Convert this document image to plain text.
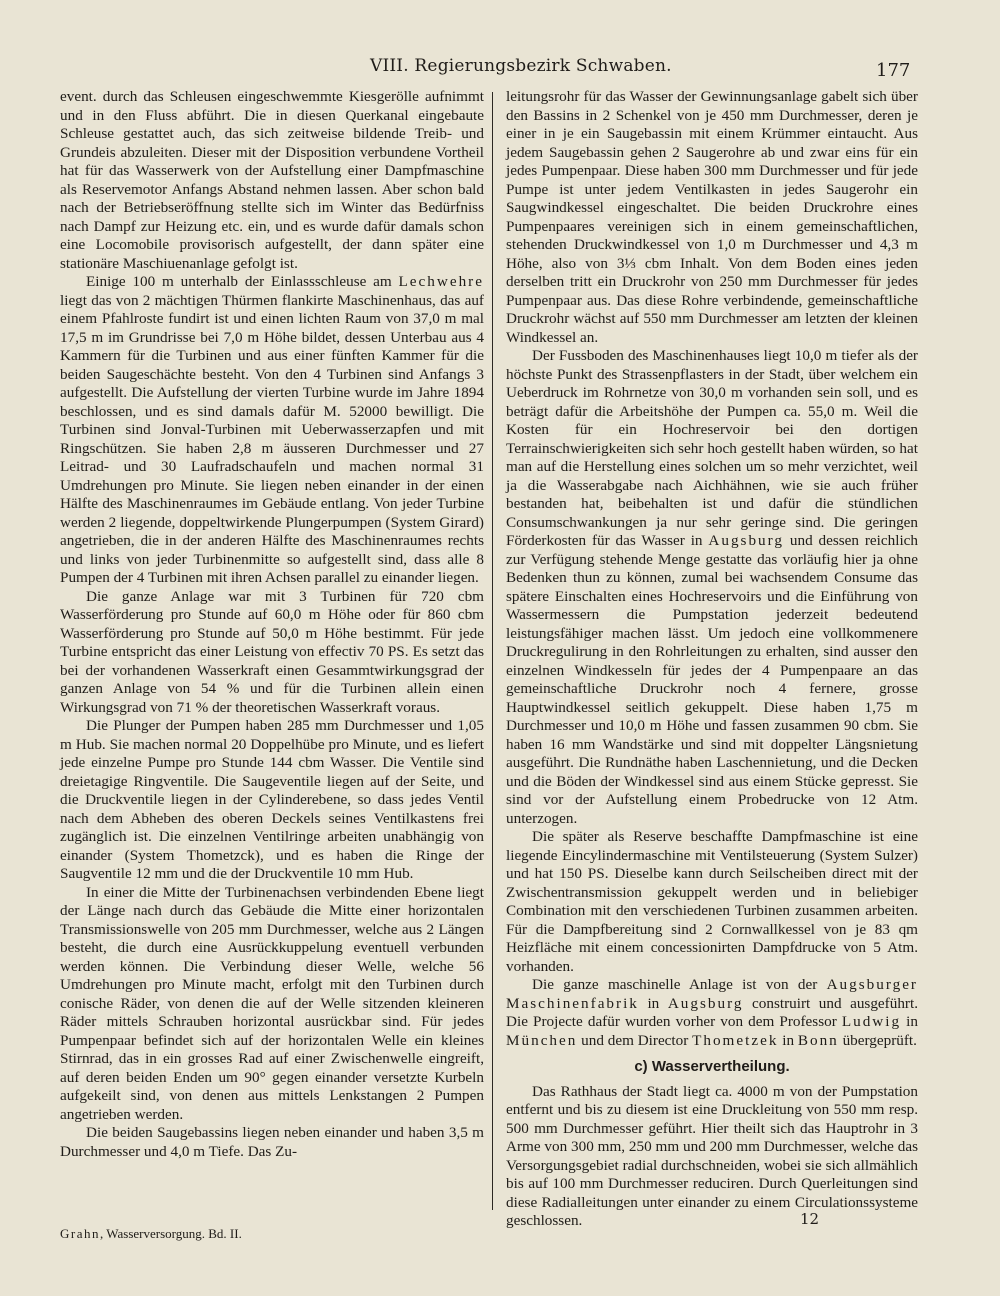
VIII. Regierungsbezirk Schwaben.	177

event. durch das Schleusen eingeschwemmte Kiesgerölle aufnimmt und in den Fluss abführt. Die in diesen Querkanal eingebaute Schleuse gestattet auch, das sich zeitweise bildende Treib- und Grundeis abzuleiten. Dieser mit der Disposition verbundene Vortheil hat für das Wasserwerk von der Aufstellung einer Dampfmaschine als Reservemotor Anfangs Abstand nehmen lassen. Aber schon bald nach der Betriebseröffnung stellte sich im Winter das Bedürfniss nach Dampf zur Heizung etc. ein, und es wurde dafür damals schon eine Locomobile provisorisch aufgestellt, der dann später eine stationäre Maschiuenanlage gefolgt ist.

Einige 100 m unterhalb der Einlassschleuse am Lechwehre liegt das von 2 mächtigen Thürmen flankirte Maschinenhaus, das auf einem Pfahlroste fundirt ist und einen lichten Raum von 37,0 m mal 17,5 m im Grundrisse bei 7,0 m Höhe bildet, dessen Unterbau aus 4 Kammern für die Turbinen und aus einer fünften Kammer für die beiden Saugeschächte besteht. Von den 4 Turbinen sind Anfangs 3 aufgestellt. Die Aufstellung der vierten Turbine wurde im Jahre 1894 beschlossen, und es sind damals dafür M. 52000 bewilligt. Die Turbinen sind Jonval-Turbinen mit Ueberwasserzapfen und mit Ringschützen. Sie haben 2,8 m äusseren Durchmesser und 27 Leitrad- und 30 Laufradschaufeln und machen normal 31 Umdrehungen pro Minute. Sie liegen neben einander in der einen Hälfte des Maschinenraumes im Gebäude entlang. Von jeder Turbine werden 2 liegende, doppeltwirkende Plungerpumpen (System Girard) angetrieben, die in der anderen Hälfte des Maschinenraumes rechts und links von jeder Turbinenmitte so aufgestellt sind, dass alle 8 Pumpen der 4 Turbinen mit ihren Achsen parallel zu einander liegen.

Die ganze Anlage war mit 3 Turbinen für 720 cbm Wasserförderung pro Stunde auf 60,0 m Höhe oder für 860 cbm Wasserförderung pro Stunde auf 50,0 m Höhe bestimmt. Für jede Turbine entspricht das einer Leistung von effectiv 70 PS. Es setzt das bei der vorhandenen Wasserkraft einen Gesammtwirkungsgrad der ganzen Anlage von 54 % und für die Turbinen allein einen Wirkungsgrad von 71 % der theoretischen Wasserkraft voraus.

Die Plunger der Pumpen haben 285 mm Durchmesser und 1,05 m Hub. Sie machen normal 20 Doppelhübe pro Minute, und es liefert jede einzelne Pumpe pro Stunde 144 cbm Wasser. Die Ventile sind dreietagige Ringventile. Die Saugeventile liegen auf der Seite, und die Druckventile liegen in der Cylinderebene, so dass jedes Ventil nach dem Abheben des oberen Deckels seines Ventilkastens frei zugänglich ist. Die einzelnen Ventilringe arbeiten unabhängig von einander (System Thometzck), und es haben die Ringe der Saugventile 12 mm und die der Druckventile 10 mm Hub.

In einer die Mitte der Turbinenachsen verbindenden Ebene liegt der Länge nach durch das Gebäude die Mitte einer horizontalen Transmissionswelle von 205 mm Durchmesser, welche aus 2 Längen besteht, die durch eine Ausrückkuppelung eventuell verbunden werden können. Die Verbindung dieser Welle, welche 56 Umdrehungen pro Minute macht, erfolgt mit den Turbinen durch conische Räder, von denen die auf der Welle sitzenden kleineren Räder mittels Schrauben horizontal ausrückbar sind. Für jedes Pumpenpaar befindet sich auf der horizontalen Welle ein kleines Stirnrad, das in ein grosses Rad auf einer Zwischenwelle eingreift, auf deren beiden Enden um 90° gegen einander versetzte Kurbeln aufgekeilt sind, von denen aus mittels Lenkstangen 2 Pumpen angetrieben werden.

Die beiden Saugebassins liegen neben einander und haben 3,5 m Durchmesser und 4,0 m Tiefe. Das Zu-

leitungsrohr für das Wasser der Gewinnungsanlage gabelt sich über den Bassins in 2 Schenkel von je 450 mm Durchmesser, deren je einer in je ein Saugebassin mit einem Krümmer eintaucht. Aus jedem Saugebassin gehen 2 Saugerohre ab und zwar eins für ein jedes Pumpenpaar. Diese haben 300 mm Durchmesser und für jede Pumpe ist unter jedem Ventilkasten in jedes Saugerohr ein Saugwindkessel eingeschaltet. Die beiden Druckrohre eines Pumpenpaares vereinigen sich in einem gemeinschaftlichen, stehenden Druckwindkessel von 1,0 m Durchmesser und 4,3 m Höhe, also von 3⅓ cbm Inhalt. Von dem Boden eines jeden derselben tritt ein Druckrohr von 250 mm Durchmesser für jedes Pumpenpaar aus. Das diese Rohre verbindende, gemeinschaftliche Druckrohr wächst auf 550 mm Durchmesser am letzten der kleinen Windkessel an.

Der Fussboden des Maschinenhauses liegt 10,0 m tiefer als der höchste Punkt des Strassenpflasters in der Stadt, über welchem ein Ueberdruck im Rohrnetze von 30,0 m vorhanden sein soll, und es beträgt dafür die Arbeitshöhe der Pumpen ca. 55,0 m. Weil die Kosten für ein Hochreservoir bei den dortigen Terrainschwierigkeiten sich sehr hoch gestellt haben würden, so hat man auf die Herstellung eines solchen um so mehr verzichtet, weil ja die Wasserabgabe nach Aichhähnen, wie sie auch früher bestanden hat, beibehalten ist und dafür die stündlichen Consumschwankungen ja nur sehr geringe sind. Die geringen Förderkosten für das Wasser in Augsburg und dessen reichlich zur Verfügung stehende Menge gestatte das vorläufig hier ja ohne Bedenken thun zu können, zumal bei wachsendem Consume das spätere Einschalten eines Hochreservoirs und die Einführung von Wassermessern die Pumpstation jederzeit bedeutend leistungsfähiger machen lässt. Um jedoch eine vollkommenere Druckregulirung in den Rohrleitungen zu erhalten, sind ausser den einzelnen Windkesseln für jedes der 4 Pumpenpaare an das gemeinschaftliche Druckrohr noch 4 fernere, grosse Hauptwindkessel seitlich gekuppelt. Diese haben 1,75 m Durchmesser und 10,0 m Höhe und fassen zusammen 90 cbm. Sie haben 16 mm Wandstärke und sind mit doppelter Längsnietung ausgeführt. Die Rundnäthe haben Laschennietung, und die Decken und die Böden der Windkessel sind aus einem Stücke gepresst. Sie sind vor der Aufstellung einem Probedrucke von 12 Atm. unterzogen.

Die später als Reserve beschaffte Dampfmaschine ist eine liegende Eincylindermaschine mit Ventilsteuerung (System Sulzer) und hat 150 PS. Dieselbe kann durch Seilscheiben direct mit der Zwischentransmission gekuppelt werden und in beliebiger Combination mit den verschiedenen Turbinen zusammen arbeiten. Für die Dampfbereitung sind 2 Cornwallkessel von je 83 qm Heizfläche mit einem concessionirten Dampfdrucke von 5 Atm. vorhanden.

Die ganze maschinelle Anlage ist von der Augsburger Maschinenfabrik in Augsburg construirt und ausgeführt. Die Projecte dafür wurden vorher von dem Professor Ludwig in München und dem Director Thometzek in Bonn übergeprüft.

c) Wasservertheilung.

Das Rathhaus der Stadt liegt ca. 4000 m von der Pumpstation entfernt und bis zu diesem ist eine Druckleitung von 550 mm resp. 500 mm Durchmesser geführt. Hier theilt sich das Hauptrohr in 3 Arme von 300 mm, 250 mm und 200 mm Durchmesser, welche das Versorgungsgebiet radial durchschneiden, wobei sie sich allmählich bis auf 100 mm Durchmesser reduciren. Durch Querleitungen sind diese Radialleitungen unter einander zu einem Circulationssysteme geschlossen.

Grahn, Wasserversorgung. Bd. II.
12
